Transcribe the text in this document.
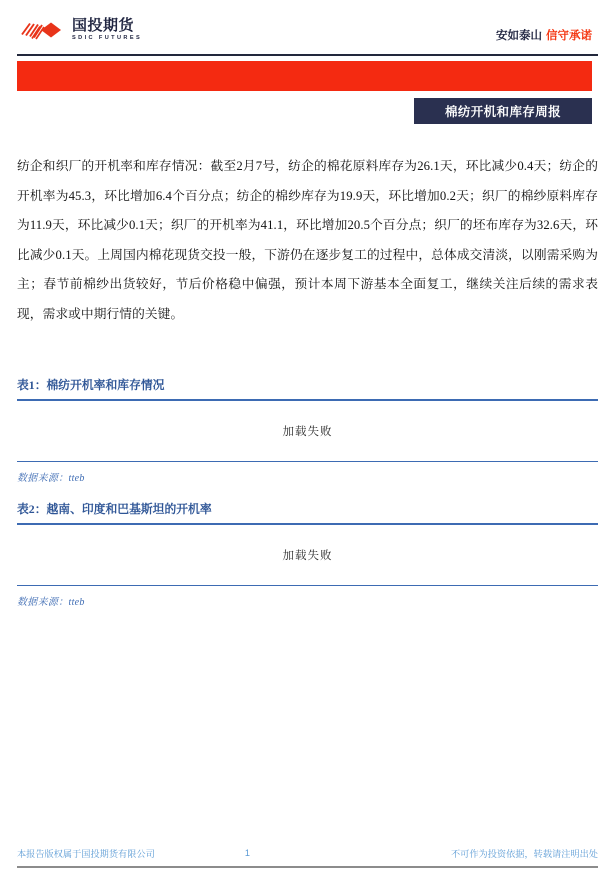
国投期货
SDIC FUTURES	安如泰山 信守承诺
棉纺开机和库存周报
纺企和织厂的开机率和库存情况：截至2月7号，纺企的棉花原料库存为26.1天，环比减少0.4天；纺企的开机率为45.3，环比增加6.4个百分点；纺企的棉纱库存为19.9天，环比增加0.2天；织厂的棉纱原料库存为11.9天，环比减少0.1天；织厂的开机率为41.1，环比增加20.5个百分点；织厂的坯布库存为32.6天，环比减少0.1天。上周国内棉花现货交投一般，下游仍在逐步复工的过程中，总体成交清淡，以刚需采购为主；春节前棉纱出货较好，节后价格稳中偏强，预计本周下游基本全面复工，继续关注后续的需求表现，需求或中期行情的关键。
表1：棉纺开机率和库存情况
加载失败
数据来源：tteb
表2：越南、印度和巴基斯坦的开机率
加载失败
数据来源：tteb
本报告版权属于国投期货有限公司	1	不可作为投资依据，转载请注明出处
